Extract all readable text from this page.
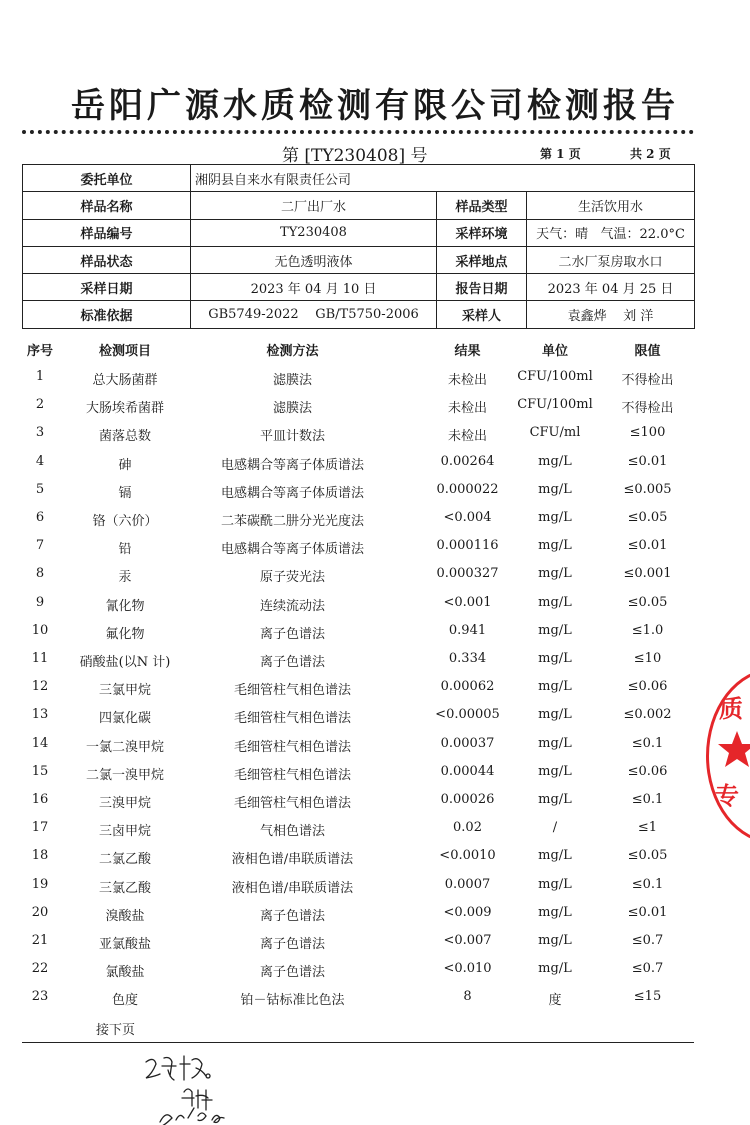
岳阳广源水质检测有限公司检测报告
第 [TY230408] 号	第 1 页	共 2 页
委托单位	湘阴县自来水有限责任公司		
样品名称	二厂出厂水	样品类型	生活饮用水
样品编号	TY230408	采样环境	天气：晴 气温：22.0°C
样品状态	无色透明液体	采样地点	二水厂泵房取水口
采样日期	2023 年 04 月 10 日	报告日期	2023 年 04 月 25 日
标准依据	GB5749-2022    GB/T5750-2006	采样人	袁鑫烨    刘 洋
序号	检测项目	检测方法	结果	单位	限值
1	总大肠菌群	滤膜法	未检出	CFU/100ml	不得检出
2	大肠埃希菌群	滤膜法	未检出	CFU/100ml	不得检出
3	菌落总数	平皿计数法	未检出	CFU/ml	≤100
4	砷	电感耦合等离子体质谱法	0.00264	mg/L	≤0.01
5	镉	电感耦合等离子体质谱法	0.000022	mg/L	≤0.005
6	铬（六价）	二苯碳酰二肼分光光度法	<0.004	mg/L	≤0.05
7	铅	电感耦合等离子体质谱法	0.000116	mg/L	≤0.01
8	汞	原子荧光法	0.000327	mg/L	≤0.001
9	氰化物	连续流动法	<0.001	mg/L	≤0.05
10	氟化物	离子色谱法	0.941	mg/L	≤1.0
11	硝酸盐(以N 计)	离子色谱法	0.334	mg/L	≤10
12	三氯甲烷	毛细管柱气相色谱法	0.00062	mg/L	≤0.06
13	四氯化碳	毛细管柱气相色谱法	<0.00005	mg/L	≤0.002
14	一氯二溴甲烷	毛细管柱气相色谱法	0.00037	mg/L	≤0.1
15	二氯一溴甲烷	毛细管柱气相色谱法	0.00044	mg/L	≤0.06
16	三溴甲烷	毛细管柱气相色谱法	0.00026	mg/L	≤0.1
17	三卤甲烷	气相色谱法	0.02	/	≤1
18	二氯乙酸	液相色谱/串联质谱法	<0.0010	mg/L	≤0.05
19	三氯乙酸	液相色谱/串联质谱法	0.0007	mg/L	≤0.1
20	溴酸盐	离子色谱法	<0.009	mg/L	≤0.01
21	亚氯酸盐	离子色谱法	<0.007	mg/L	≤0.7
22	氯酸盐	离子色谱法	<0.010	mg/L	≤0.7
23	色度	铂－钴标准比色法	8	度	≤15
接下页
质
专
